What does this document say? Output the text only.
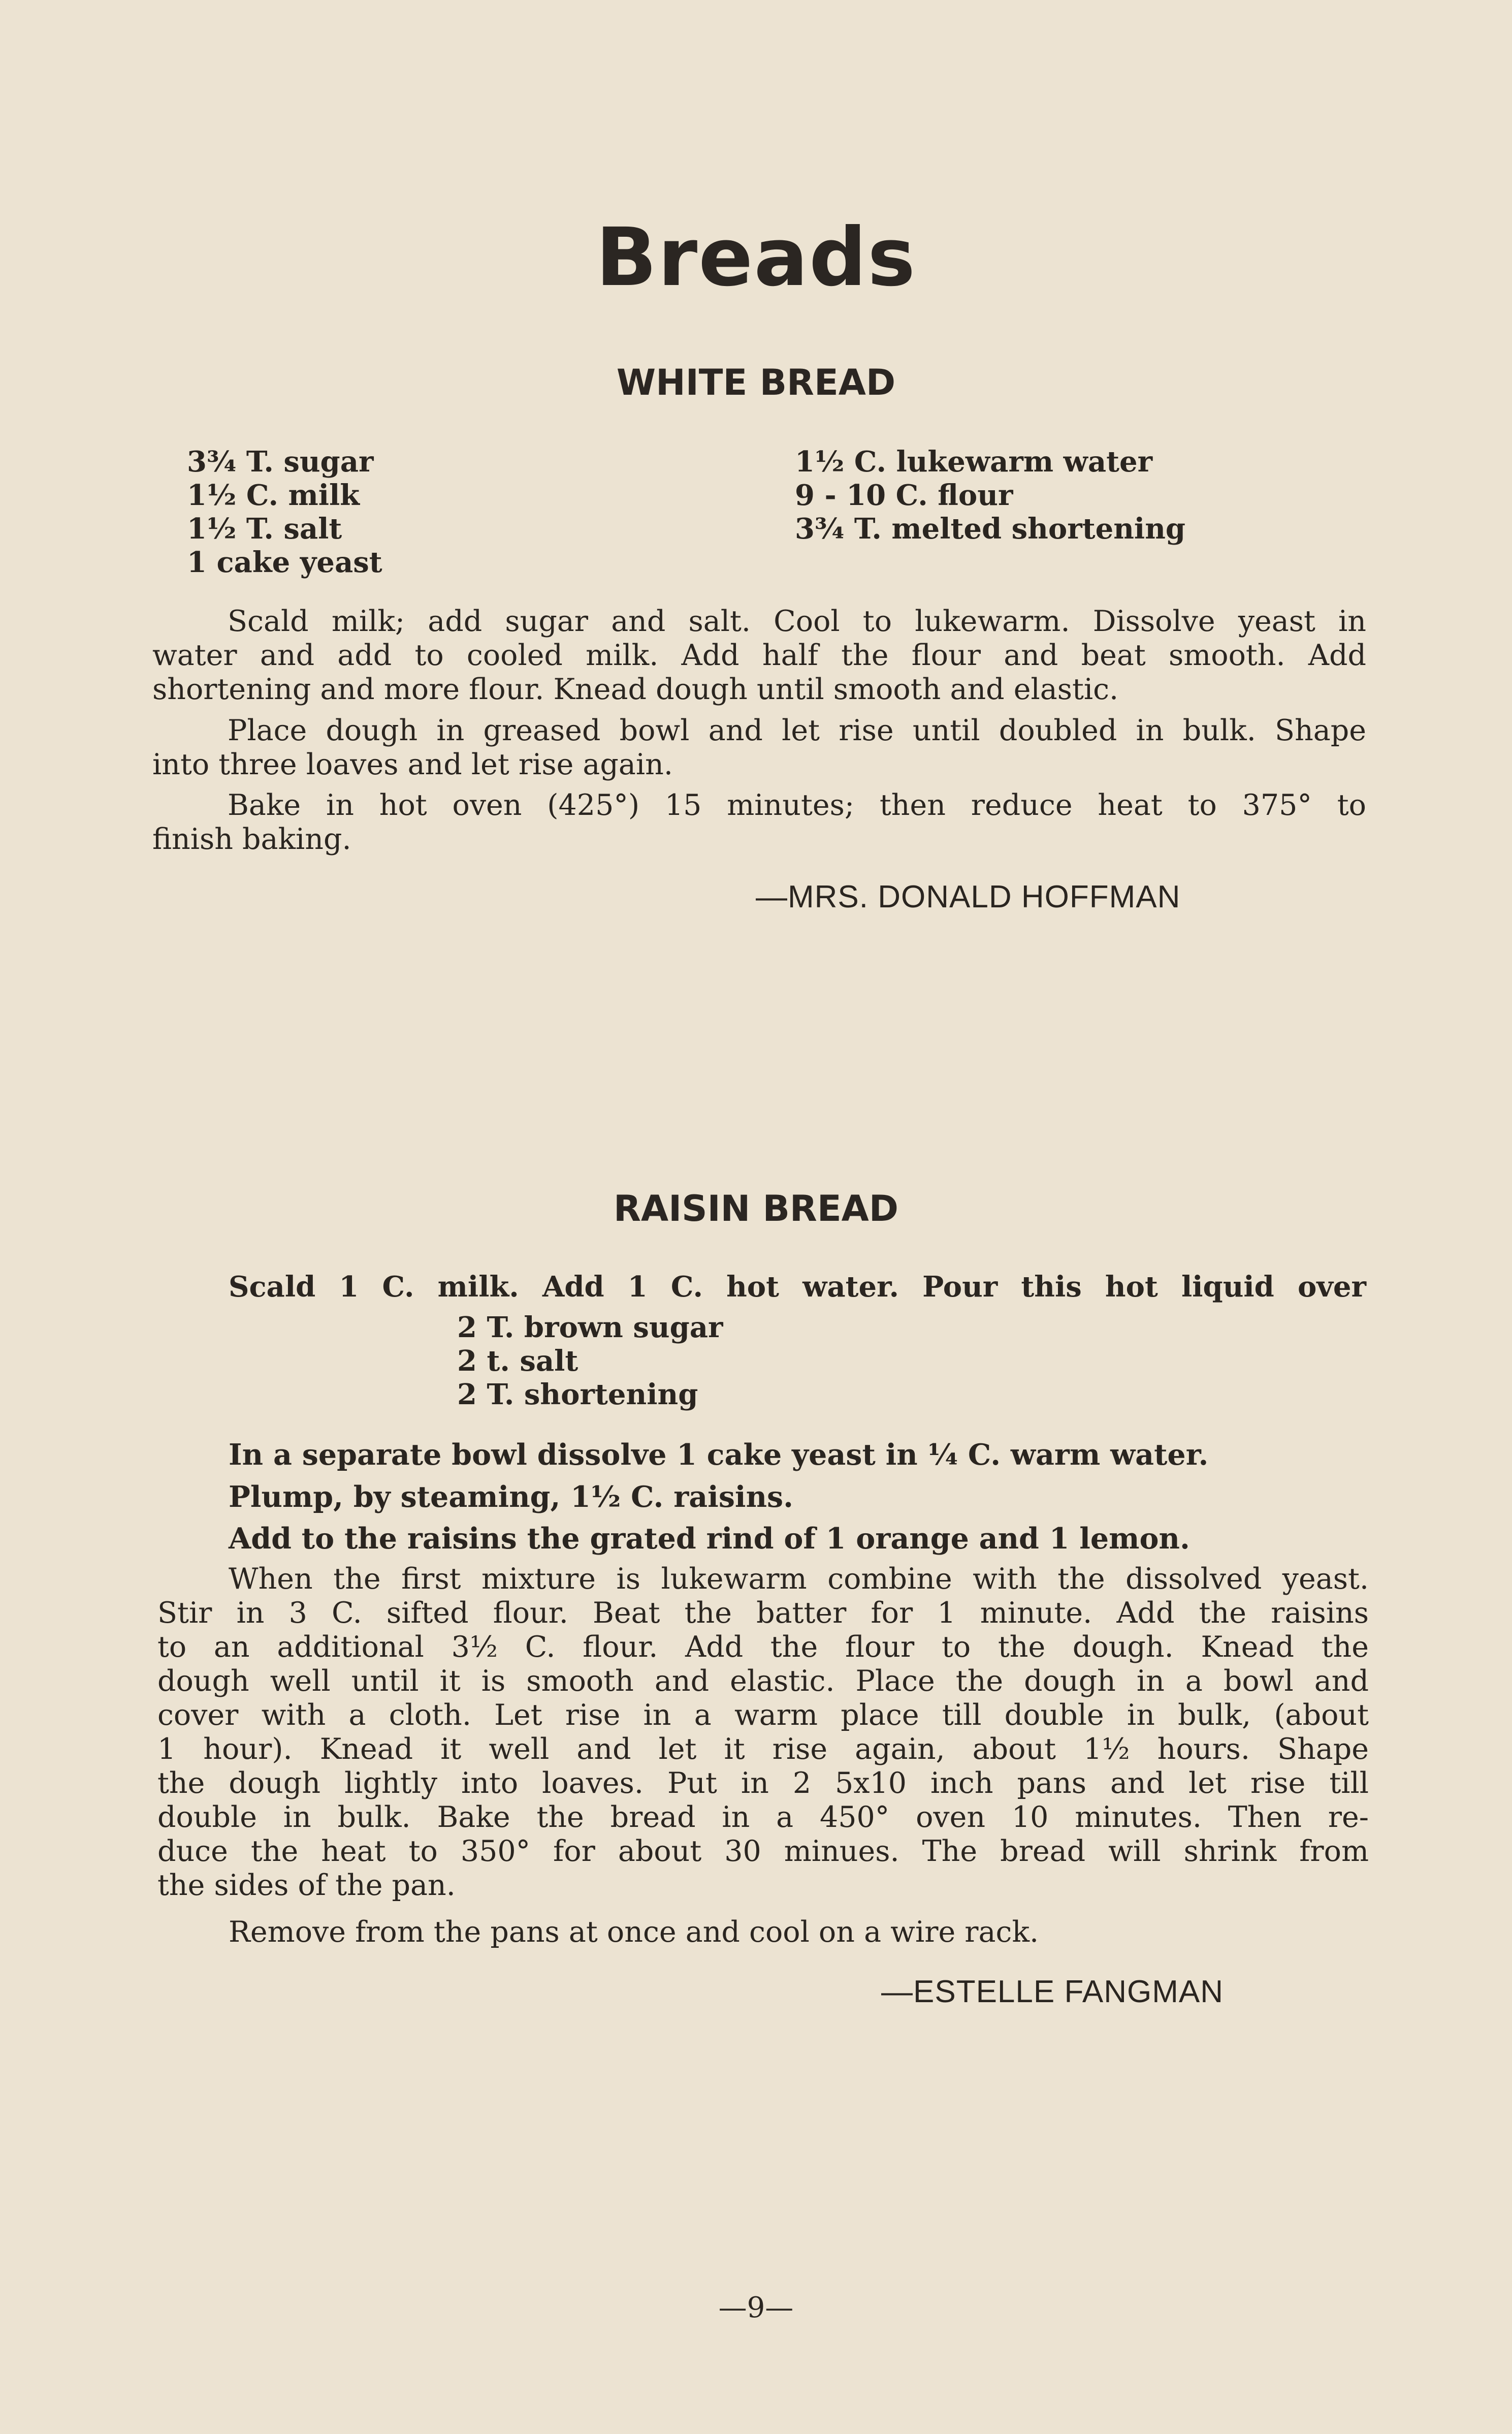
Breads
WHITE BREAD
3¾ T. sugar
1½ C. milk
1½ T. salt
1 cake yeast
1½ C. lukewarm water
9 - 10 C. flour
3¾ T. melted shortening
Scald milk; add sugar and salt. Cool to lukewarm. Dissolve yeast in
water and add to cooled milk. Add half the flour and beat smooth. Add
shortening and more flour. Knead dough until smooth and elastic.
Place dough in greased bowl and let rise until doubled in bulk. Shape
into three loaves and let rise again.
Bake in hot oven (425°) 15 minutes; then reduce heat to 375° to
finish baking.
—MRS. DONALD HOFFMAN
RAISIN BREAD
Scald 1 C. milk. Add 1 C. hot water. Pour this hot liquid over
2 T. brown sugar
2 t. salt
2 T. shortening
In a separate bowl dissolve 1 cake yeast in ¼ C. warm water.
Plump, by steaming, 1½ C. raisins.
Add to the raisins the grated rind of 1 orange and 1 lemon.
When the first mixture is lukewarm combine with the dissolved yeast.
Stir in 3 C. sifted flour. Beat the batter for 1 minute. Add the raisins
to an additional 3½ C. flour. Add the flour to the dough. Knead the
dough well until it is smooth and elastic. Place the dough in a bowl and
cover with a cloth. Let rise in a warm place till double in bulk, (about
1 hour). Knead it well and let it rise again, about 1½ hours. Shape
the dough lightly into loaves. Put in 2 5x10 inch pans and let rise till
double in bulk. Bake the bread in a 450° oven 10 minutes. Then re-
duce the heat to 350° for about 30 minues. The bread will shrink from
the sides of the pan.
Remove from the pans at once and cool on a wire rack.
—ESTELLE FANGMAN
—9—
